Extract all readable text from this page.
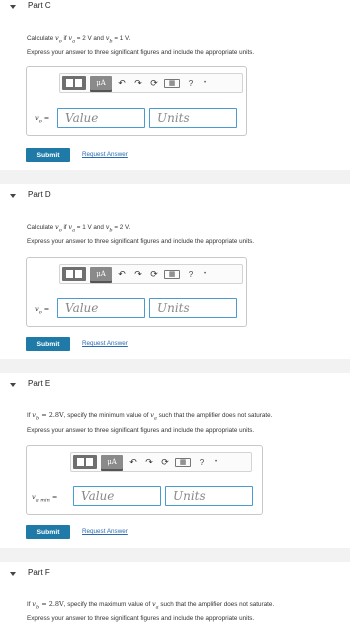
Part C
Calculate $v_o$ if $v_a = 2$ V and $v_b = 1$ V.
Express your answer to three significant figures and include the appropriate units.
μA	↶ ↷ ⟳	▦	?	•
$v_o$ =	Value	Units
Submit	Request Answer
Part D
Calculate $v_o$ if $v_a = 1$ V and $v_b = 2$ V.
Express your answer to three significant figures and include the appropriate units.
μA	↶ ↷ ⟳	▦	?	•
$v_o$ =	Value	Units
Submit	Request Answer
Part E
If $v_b = 2.8V$, specify the minimum value of $v_a$ such that the amplifier does not saturate.
Express your answer to three significant figures and include the appropriate units.
μA	↶ ↷ ⟳	▦	?	•
$v_{a min}$ =	Value	Units
Submit	Request Answer
Part F
If $v_b = 2.8V$, specify the maximum value of $v_a$ such that the amplifier does not saturate.
Express your answer to three significant figures and include the appropriate units.
